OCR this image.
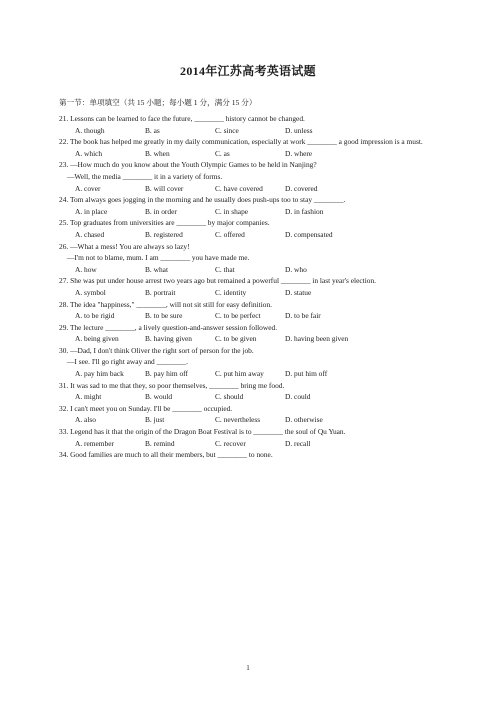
2014年江苏高考英语试题
第一节：单项填空（共 15 小题；每小题 1 分，满分 15 分）

21. Lessons can be learned to face the future, ________ history cannot be changed.

A. though	B. as	C. since	D. unless

22. The book has helped me greatly in my daily communication, especially at work ________ a good impression is a must.

A. which	B. when	C. as	D. where

23. —How much do you know about the Youth Olympic Games to be held in Nanjing?

—Well, the media ________ it in a variety of forms.

A. cover	B. will cover	C. have covered	D. covered

24. Tom always goes jogging in the morning and he usually does push-ups too to stay ________.

A. in place	B. in order	C. in shape	D. in fashion

25. Top graduates from universities are ________ by major companies.

A. chased	B. registered	C. offered	D. compensated

26. —What a mess! You are always so lazy!

—I'm not to blame, mum. I am ________ you have made me.

A. how	B. what	C. that	D. who

27. She was put under house arrest two years ago but remained a powerful ________ in last year's election.

A. symbol	B. portrait	C. identity	D. statue

28. The idea "happiness," ________, will not sit still for easy definition.

A. to be rigid	B. to be sure	C. to be perfect	D. to be fair

29. The lecture ________, a lively question-and-answer session followed.

A. being given	B. having given	C. to be given	D. having been given

30. —Dad, I don't think Oliver the right sort of person for the job.

—I see. I'll go right away and ________.

A. pay him back	B. pay him off	C. put him away	D. put him off

31. It was sad to me that they, so poor themselves, ________ bring me food.

A. might	B. would	C. should	D. could

32. I can't meet you on Sunday. I'll be ________ occupied.

A. also	B. just	C. nevertheless	D. otherwise

33. Legend has it that the origin of the Dragon Boat Festival is to ________ the soul of Qu Yuan.

A. remember	B. remind	C. recover	D. recall

34. Good families are much to all their members, but ________ to none.

1
